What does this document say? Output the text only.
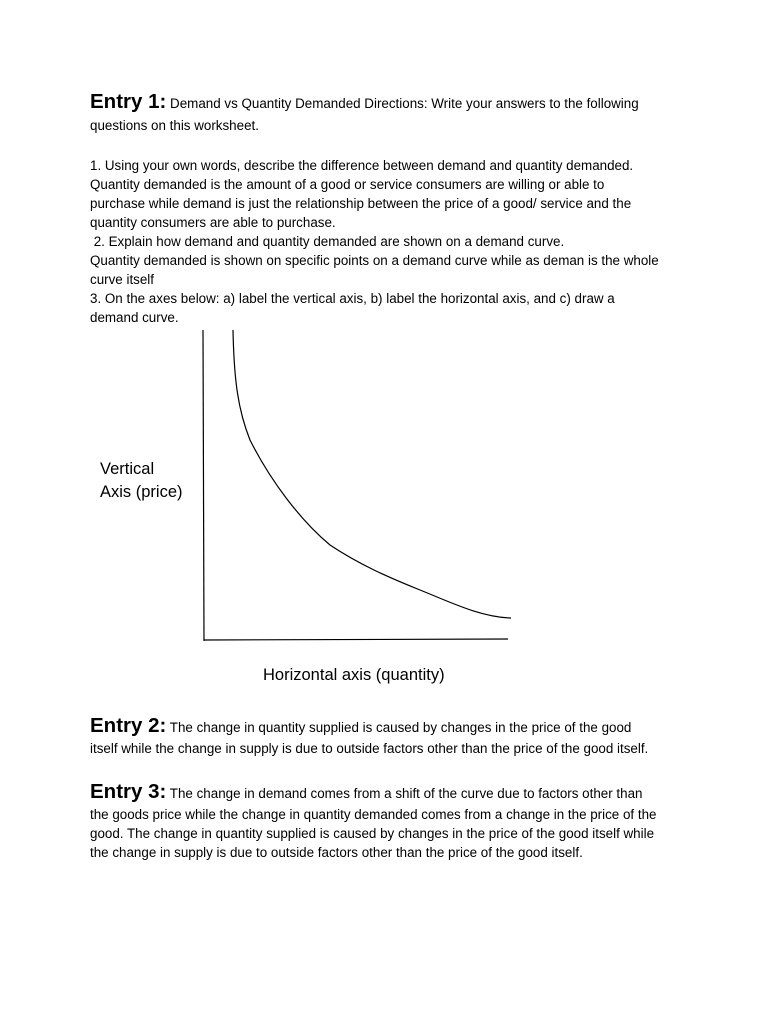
Entry 1: Demand vs Quantity Demanded Directions: Write your answers to the following

questions on this worksheet.

1. Using your own words, describe the difference between demand and quantity demanded.

Quantity demanded is the amount of a good or service consumers are willing or able to

purchase while demand is just the relationship between the price of a good/ service and the

quantity consumers are able to purchase.

2. Explain how demand and quantity demanded are shown on a demand curve.

Quantity demanded is shown on specific points on a demand curve while as deman is the whole

curve itself

3. On the axes below: a) label the vertical axis, b) label the horizontal axis, and c) draw a

demand curve.

Vertical
Axis (price)
Horizontal axis (quantity)

Entry 2: The change in quantity supplied is caused by changes in the price of the good

itself while the change in supply is due to outside factors other than the price of the good itself.

Entry 3: The change in demand comes from a shift of the curve due to factors other than

the goods price while the change in quantity demanded comes from a change in the price of the

good. The change in quantity supplied is caused by changes in the price of the good itself while

the change in supply is due to outside factors other than the price of the good itself.
